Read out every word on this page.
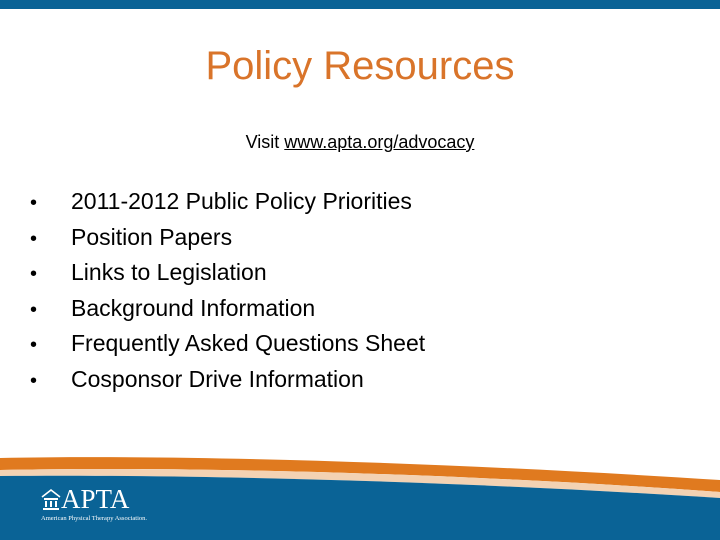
Policy Resources
Visit www.apta.org/advocacy
•	2011-2012 Public Policy Priorities
•	Position Papers
•	Links to Legislation
•	Background Information
•	Frequently Asked Questions Sheet
•	Cosponsor Drive Information
APTA
American Physical Therapy Association.
